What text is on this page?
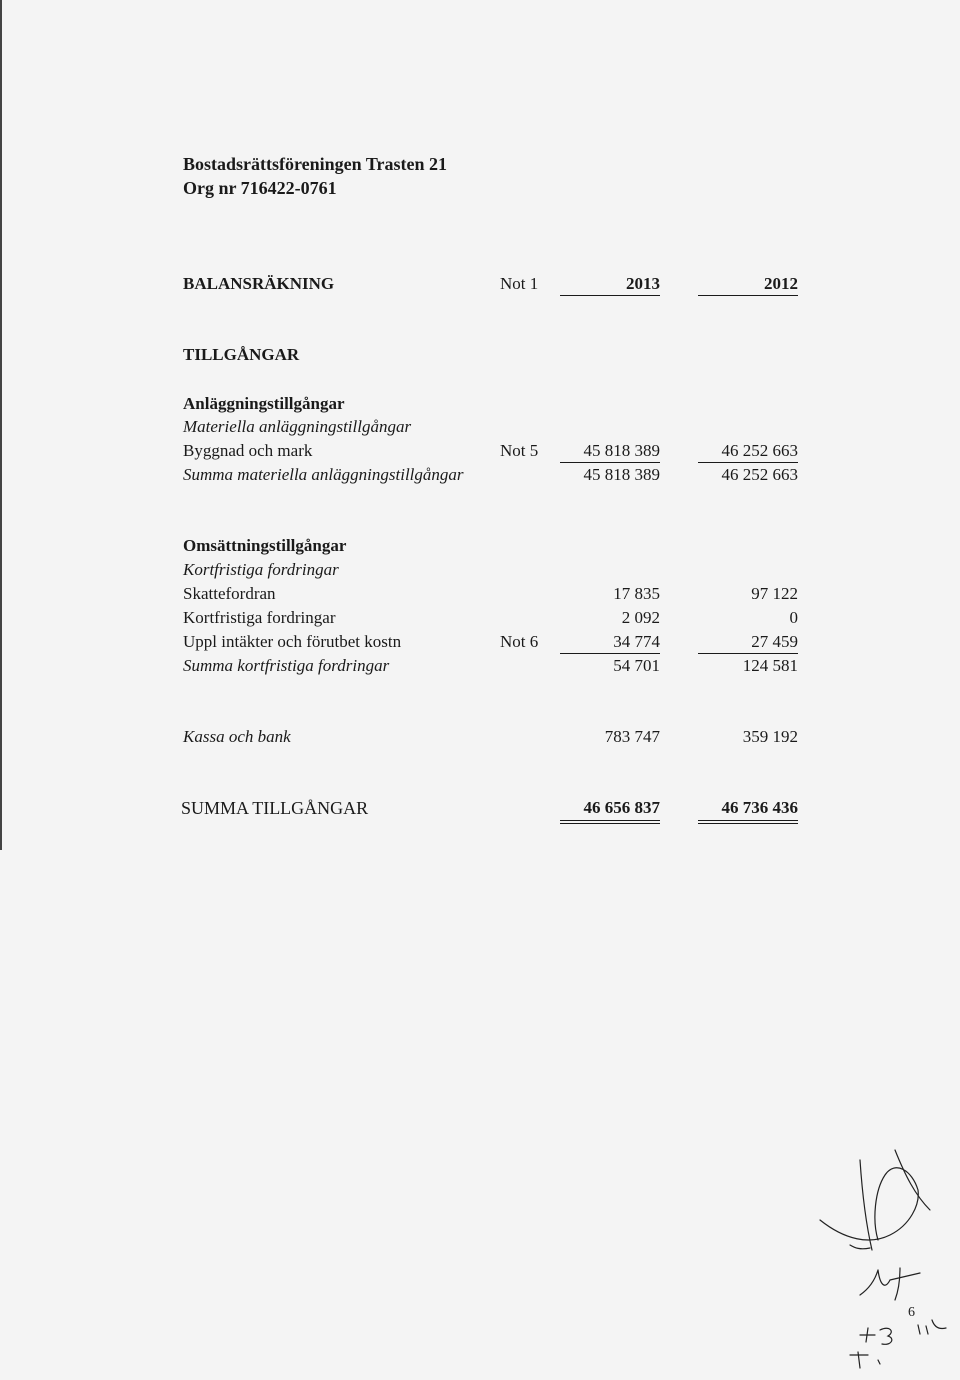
Bostadsrättsföreningen Trasten 21
Org nr 716422-0761
BALANSRÄKNING	Not 1	2013	2012
TILLGÅNGAR
Anläggningstillgångar
Materiella anläggningstillgångar
Byggnad och mark	Not 5	45 818 389	46 252 663
Summa materiella anläggningstillgångar	45 818 389	46 252 663
Omsättningstillgångar
Kortfristiga fordringar
Skattefordran	17 835	97 122
Kortfristiga fordringar	2 092	0
Uppl intäkter och förutbet kostn	Not 6	34 774	27 459
Summa kortfristiga fordringar	54 701	124 581
Kassa och bank	783 747	359 192
SUMMA TILLGÅNGAR	46 656 837	46 736 436
6
